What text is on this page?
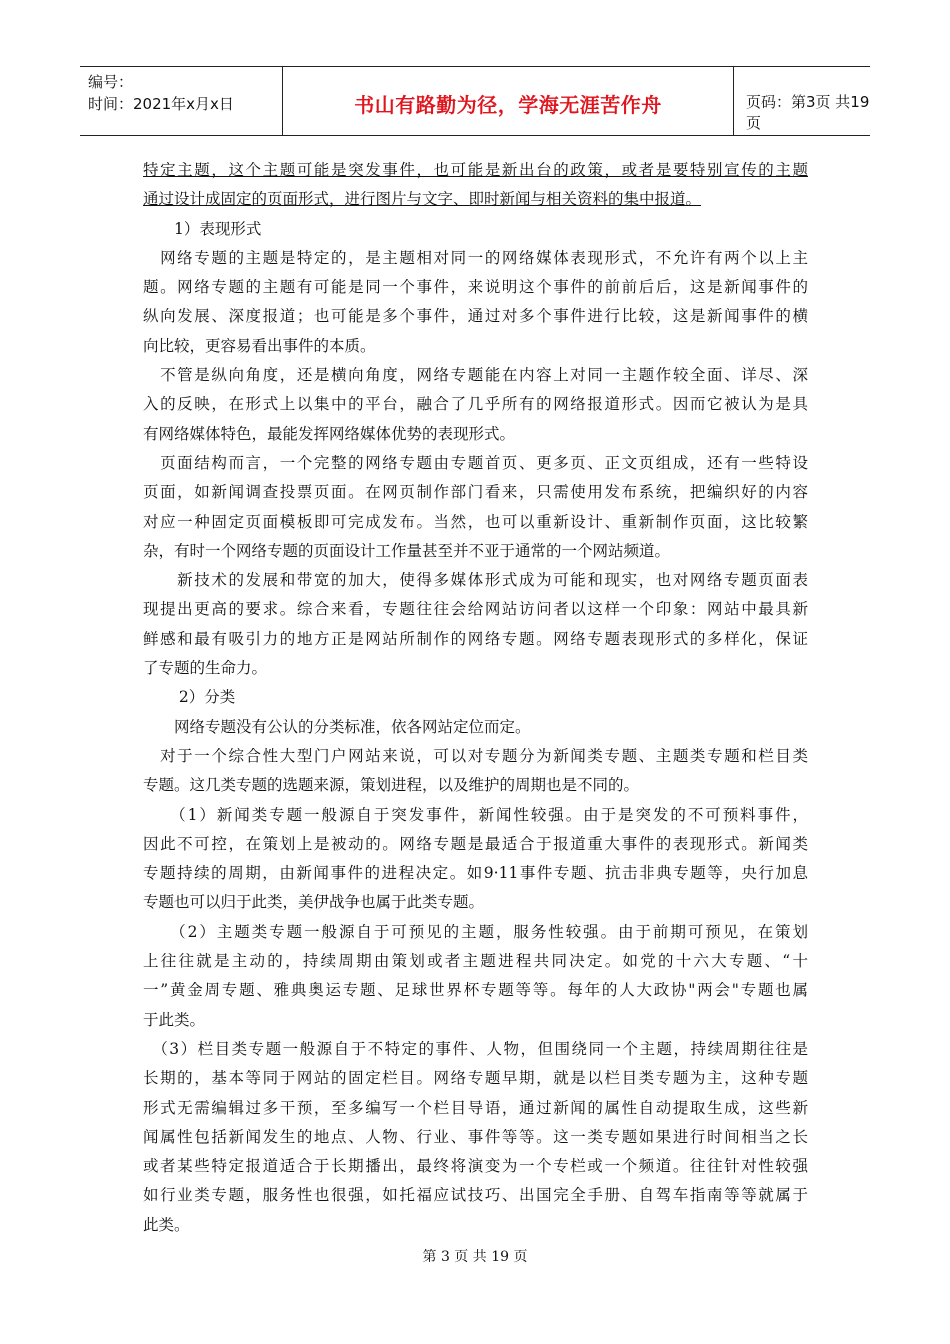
编号：
时间：2021年x月x日	书山有路勤为径，学海无涯苦作舟	页码：第3页 共19页
特定主题，这个主题可能是突发事件，也可能是新出台的政策，或者是要特别宣传的主题
通过设计成固定的页面形式，进行图片与文字、即时新闻与相关资料的集中报道。
　　1）表现形式
　网络专题的主题是特定的，是主题相对同一的网络媒体表现形式，不允许有两个以上主
题。网络专题的主题有可能是同一个事件，来说明这个事件的前前后后，这是新闻事件的
纵向发展、深度报道；也可能是多个事件，通过对多个事件进行比较，这是新闻事件的横
向比较，更容易看出事件的本质。
　不管是纵向角度，还是横向角度，网络专题能在内容上对同一主题作较全面、详尽、深
入的反映，在形式上以集中的平台，融合了几乎所有的网络报道形式。因而它被认为是具
有网络媒体特色，最能发挥网络媒体优势的表现形式。
　页面结构而言，一个完整的网络专题由专题首页、更多页、正文页组成，还有一些特设
页面，如新闻调查投票页面。在网页制作部门看来，只需使用发布系统，把编织好的内容
对应一种固定页面模板即可完成发布。当然，也可以重新设计、重新制作页面，这比较繁
杂，有时一个网络专题的页面设计工作量甚至并不亚于通常的一个网站频道。
　　新技术的发展和带宽的加大，使得多媒体形式成为可能和现实，也对网络专题页面表
现提出更高的要求。综合来看，专题往往会给网站访问者以这样一个印象：网站中最具新
鲜感和最有吸引力的地方正是网站所制作的网络专题。网络专题表现形式的多样化，保证
了专题的生命力。
　　 2）分类
　　网络专题没有公认的分类标准，依各网站定位而定。
　对于一个综合性大型门户网站来说，可以对专题分为新闻类专题、主题类专题和栏目类
专题。这几类专题的选题来源，策划进程，以及维护的周期也是不同的。
　　（1）新闻类专题一般源自于突发事件，新闻性较强。由于是突发的不可预料事件，
因此不可控，在策划上是被动的。网络专题是最适合于报道重大事件的表现形式。新闻类
专题持续的周期，由新闻事件的进程决定。如9·11事件专题、抗击非典专题等，央行加息
专题也可以归于此类，美伊战争也属于此类专题。
　　（2）主题类专题一般源自于可预见的主题，服务性较强。由于前期可预见，在策划
上往往就是主动的，持续周期由策划或者主题进程共同决定。如党的十六大专题、“十
一”黄金周专题、雅典奥运专题、足球世界杯专题等等。每年的人大政协"两会"专题也属
于此类。
　（3）栏目类专题一般源自于不特定的事件、人物，但围绕同一个主题，持续周期往往是
长期的，基本等同于网站的固定栏目。网络专题早期，就是以栏目类专题为主，这种专题
形式无需编辑过多干预，至多编写一个栏目导语，通过新闻的属性自动提取生成，这些新
闻属性包括新闻发生的地点、人物、行业、事件等等。这一类专题如果进行时间相当之长
或者某些特定报道适合于长期播出，最终将演变为一个专栏或一个频道。往往针对性较强
如行业类专题，服务性也很强，如托福应试技巧、出国完全手册、自驾车指南等等就属于
此类。
第 3 页 共 19 页
